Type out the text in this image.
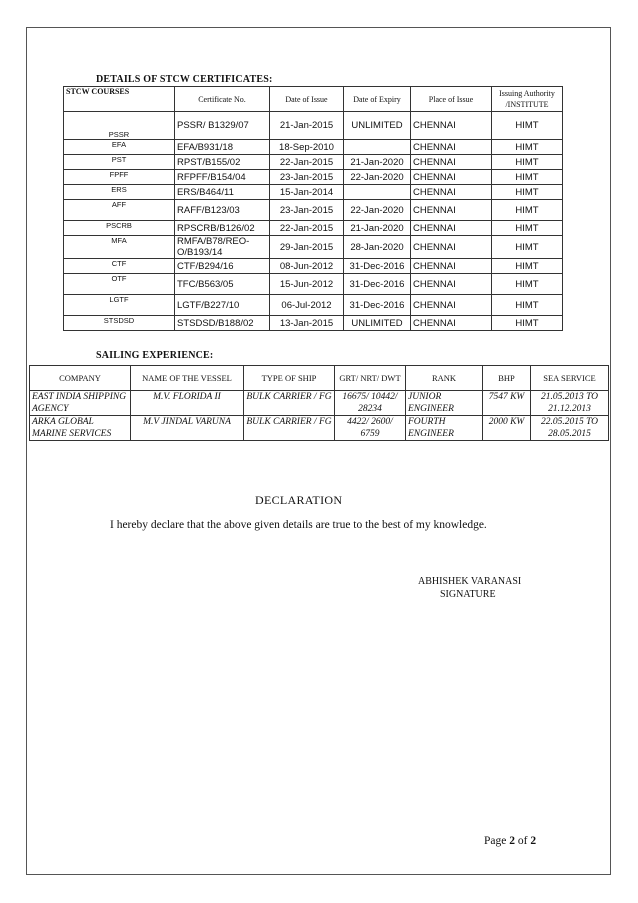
DETAILS OF STCW CERTIFICATES:
STCW COURSES	Certificate No.	Date of Issue	Date of Expiry	Place of Issue	Issuing Authority /INSTITUTE
PSSR	PSSR/ B1329/07	21-Jan-2015	UNLIMITED	CHENNAI	HIMT
EFA	EFA/B931/18	18-Sep-2010		CHENNAI	HIMT
PST	RPST/B155/02	22-Jan-2015	21-Jan-2020	CHENNAI	HIMT
FPFF	RFPFF/B154/04	23-Jan-2015	22-Jan-2020	CHENNAI	HIMT
ERS	ERS/B464/11	15-Jan-2014		CHENNAI	HIMT
AFF	RAFF/B123/03	23-Jan-2015	22-Jan-2020	CHENNAI	HIMT
PSCRB	RPSCRB/B126/02	22-Jan-2015	21-Jan-2020	CHENNAI	HIMT
MFA	RMFA/B78/REO-O/B193/14	29-Jan-2015	28-Jan-2020	CHENNAI	HIMT
CTF	CTF/B294/16	08-Jun-2012	31-Dec-2016	CHENNAI	HIMT
OTF	TFC/B563/05	15-Jun-2012	31-Dec-2016	CHENNAI	HIMT
LGTF	LGTF/B227/10	06-Jul-2012	31-Dec-2016	CHENNAI	HIMT
STSDSD	STSDSD/B188/02	13-Jan-2015	UNLIMITED	CHENNAI	HIMT
SAILING EXPERIENCE:
COMPANY	NAME OF THE VESSEL	TYPE OF SHIP	GRT/ NRT/ DWT	RANK	BHP	SEA SERVICE
EAST INDIA SHIPPING AGENCY	M.V. FLORIDA II	BULK CARRIER / FG	16675/ 10442/ 28234	JUNIOR ENGINEER	7547 KW	21.05.2013 TO 21.12.2013
ARKA GLOBAL MARINE SERVICES	M.V JINDAL VARUNA	BULK CARRIER / FG	4422/ 2600/ 6759	FOURTH ENGINEER	2000 KW	22.05.2015 TO 28.05.2015
DECLARATION
I hereby declare that the above given details are true to the best of my knowledge.
ABHISHEK VARANASI
SIGNATURE
Page 2 of 2
